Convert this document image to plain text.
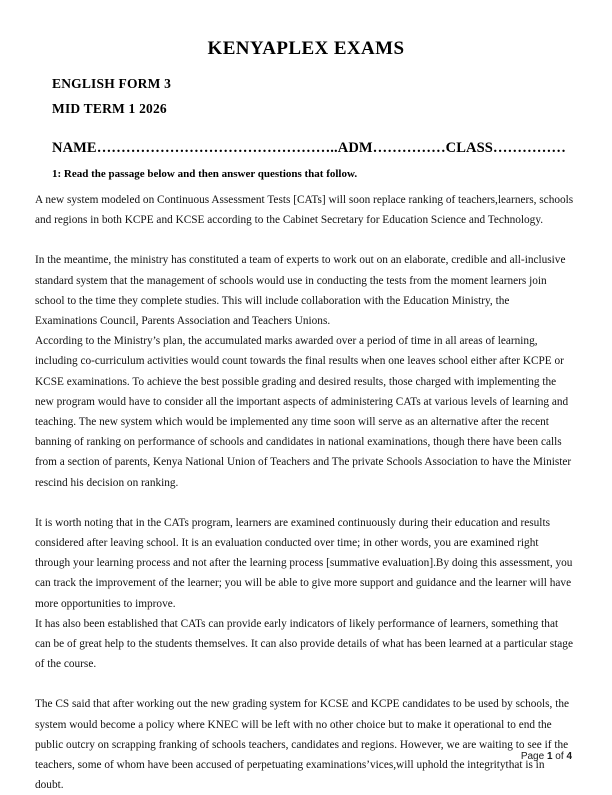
KENYAPLEX EXAMS
ENGLISH FORM 3
MID TERM 1 2026
NAME…………………………………………..ADM……………CLASS……………
1: Read the passage below and then answer questions that follow.

A new system modeled on Continuous Assessment Tests [CATs] will soon replace ranking of teachers,learners, schools and regions in both KCPE and KCSE according to the Cabinet Secretary for Education Science and Technology.

In the meantime, the ministry has constituted a team of experts to work out on an elaborate, credible and all-inclusive standard system that the management of schools would use in conducting the tests from the moment learners join school to the time they complete studies. This will include collaboration with the Education Ministry, the Examinations Council, Parents Association and Teachers Unions.

According to the Ministry’s plan, the accumulated marks awarded over a period of time in all areas of learning, including co-curriculum activities would count towards the final results when one leaves school either after KCPE or KCSE examinations. To achieve the best possible grading and desired results, those charged with implementing the new program would have to consider all the important aspects of administering CATs at various levels of learning and teaching. The new system which would be implemented any time soon will serve as an alternative after the recent banning of ranking on performance of schools and candidates in national examinations, though there have been calls from a section of parents, Kenya National Union of Teachers and The private Schools Association to have the Minister rescind his decision on ranking.

It is worth noting that in the CATs program, learners are examined continuously during their education and results considered after leaving school. It is an evaluation conducted over time; in other words, you are examined right through your learning process and not after the learning process [summative evaluation].By doing this assessment, you can track the improvement of the learner; you will be able to give more support and guidance and the learner will have more opportunities to improve.

It has also been established that CATs can provide early indicators of likely performance of learners, something that can be of great help to the students themselves. It can also provide details of what has been learned at a particular stage of the course.

The CS said that after working out the new grading system for KCSE and KCPE candidates to be used by schools, the system would become a policy where KNEC will be left with no other choice but to make it operational to end the public outcry on scrapping franking of schools teachers, candidates and regions. However, we are waiting to see if the teachers, some of whom have been accused of perpetuating examinations’vices,will uphold the integritythat is in doubt.

Page 1 of 4
